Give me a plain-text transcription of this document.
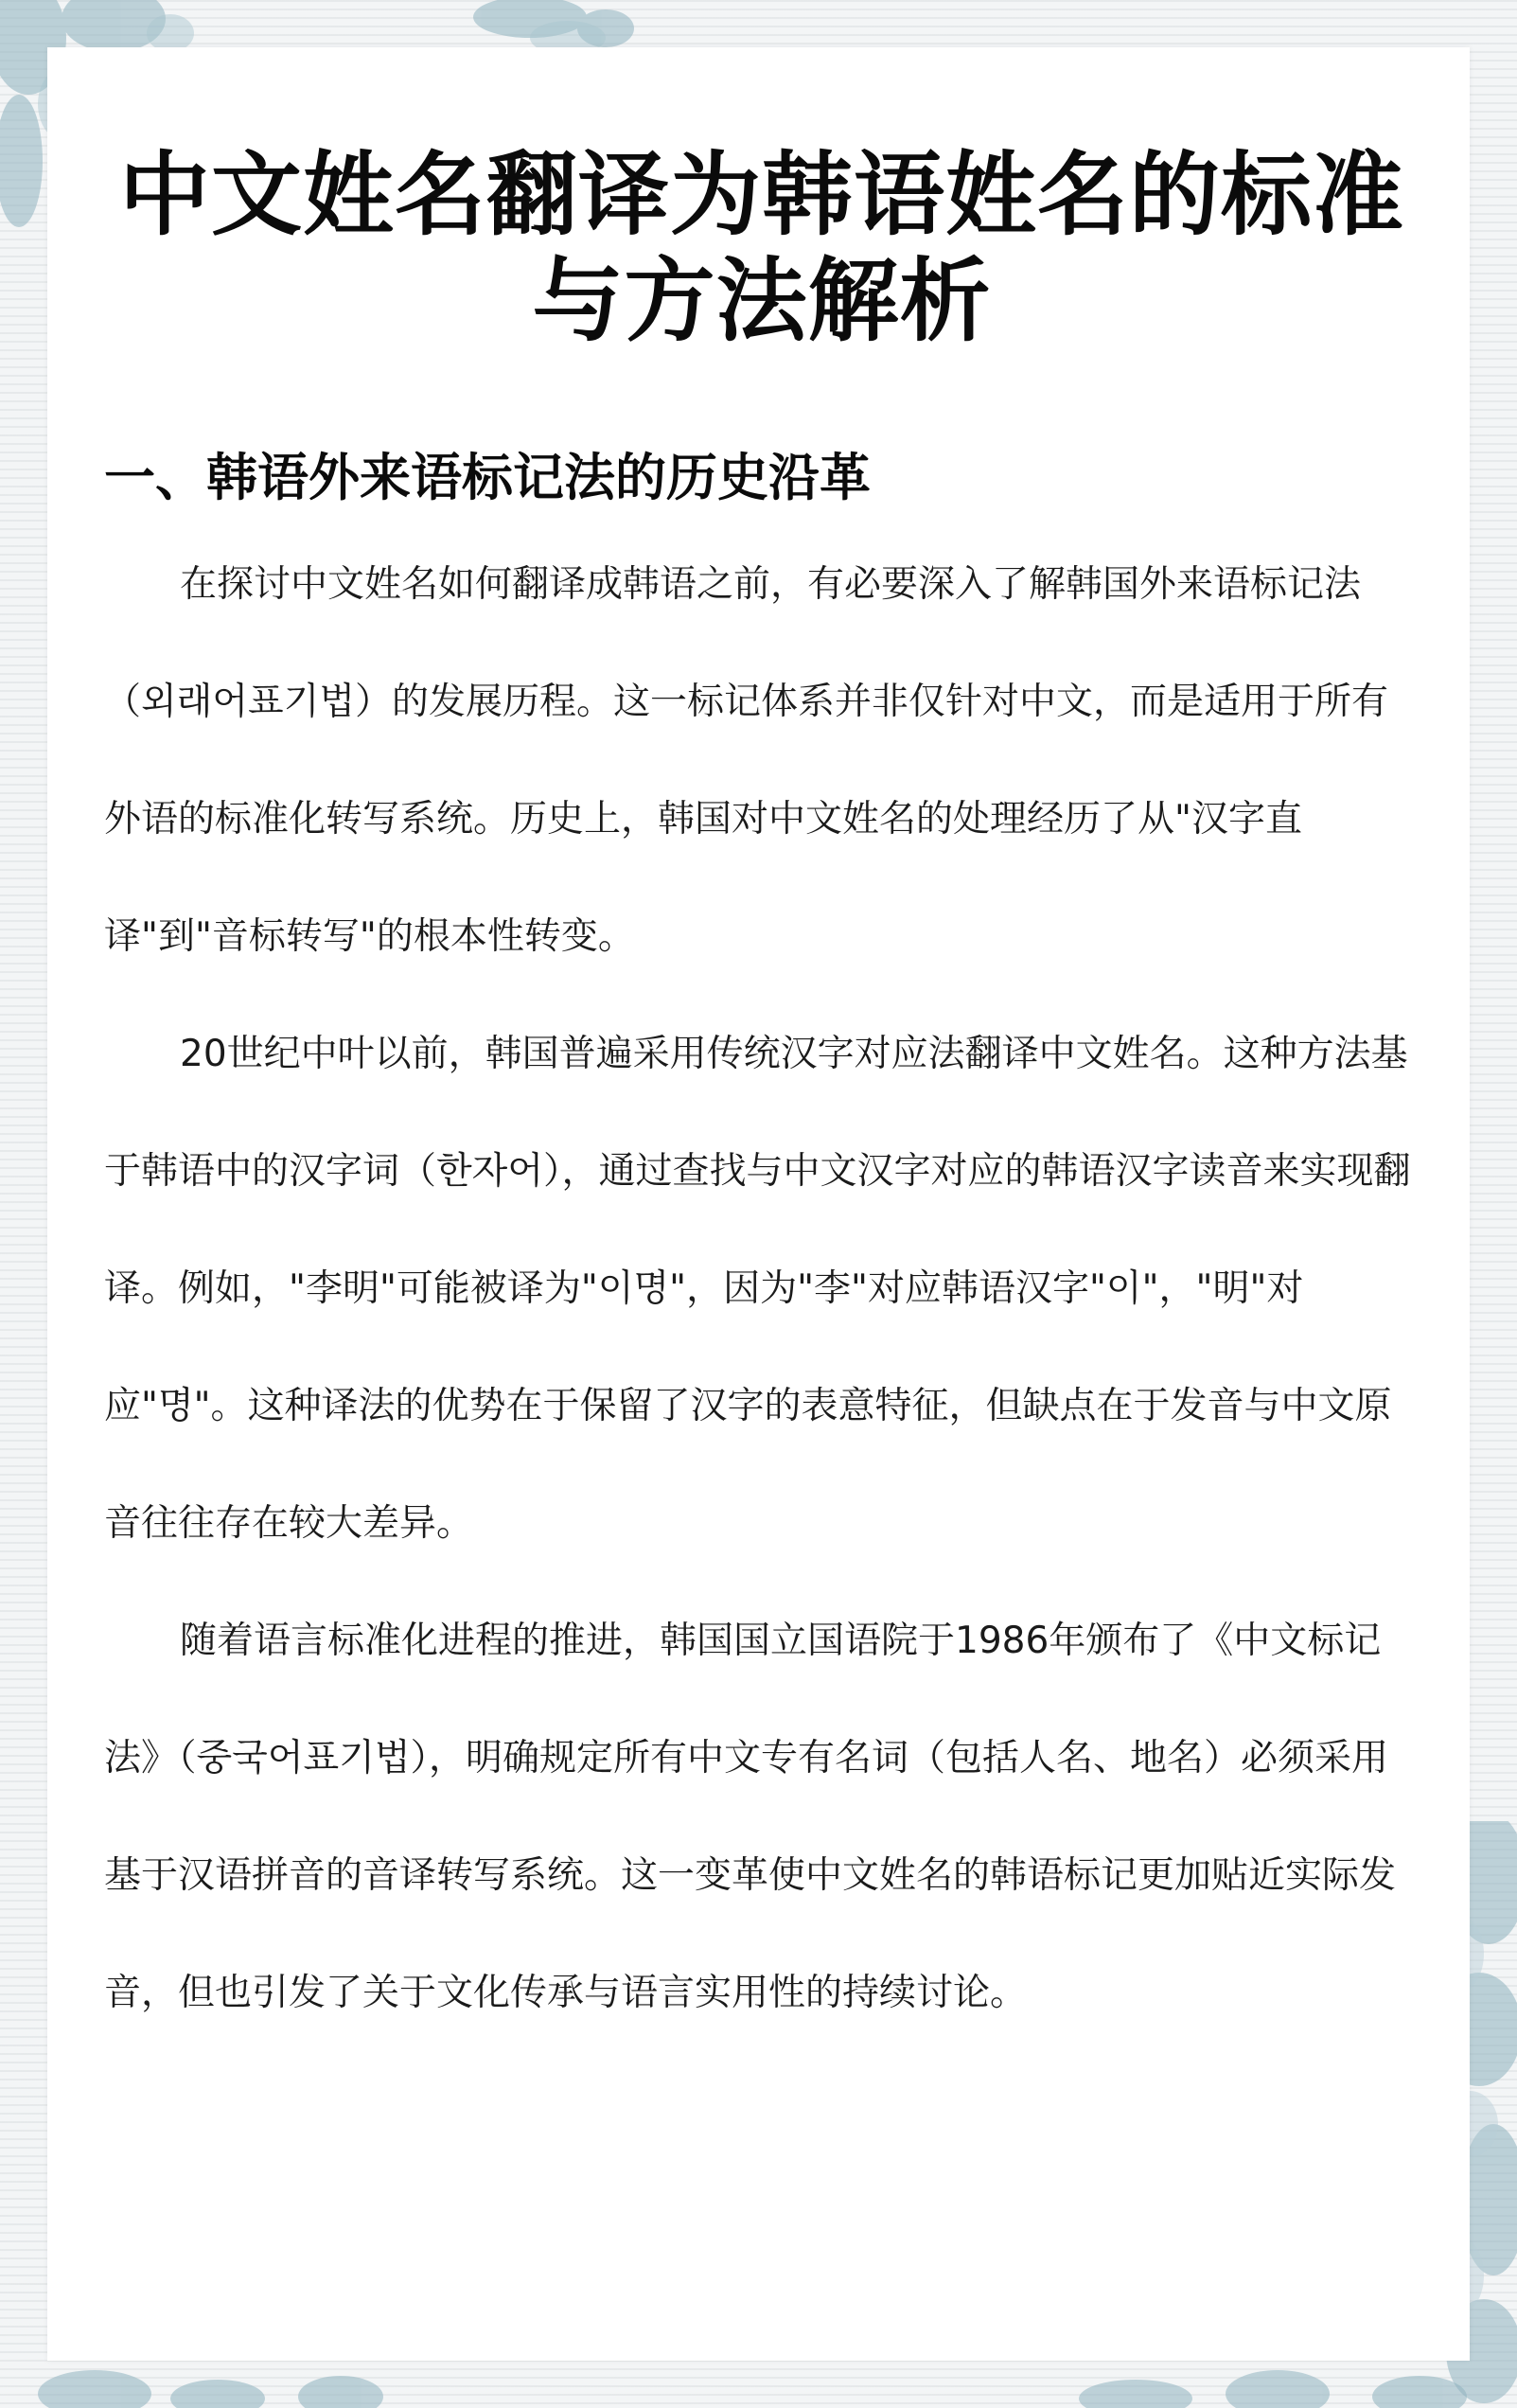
中文姓名翻译为韩语姓名的标准与方法解析
一、韩语外来语标记法的历史沿革

在探讨中文姓名如何翻译成韩语之前，有必要深入了解韩国外来语标记法（외래어표기법）的发展历程。这一标记体系并非仅针对中文，而是适用于所有外语的标准化转写系统。历史上，韩国对中文姓名的处理经历了从"汉字直译"到"音标转写"的根本性转变。

20世纪中叶以前，韩国普遍采用传统汉字对应法翻译中文姓名。这种方法基于韩语中的汉字词（한자어），通过查找与中文汉字对应的韩语汉字读音来实现翻译。例如，"李明"可能被译为"이명"，因为"李"对应韩语汉字"이"，"明"对应"명"。这种译法的优势在于保留了汉字的表意特征，但缺点在于发音与中文原音往往存在较大差异。

随着语言标准化进程的推进，韩国国立国语院于1986年颁布了《中文标记法》（중국어표기법），明确规定所有中文专有名词（包括人名、地名）必须采用基于汉语拼音的音译转写系统。这一变革使中文姓名的韩语标记更加贴近实际发音，但也引发了关于文化传承与语言实用性的持续讨论。
